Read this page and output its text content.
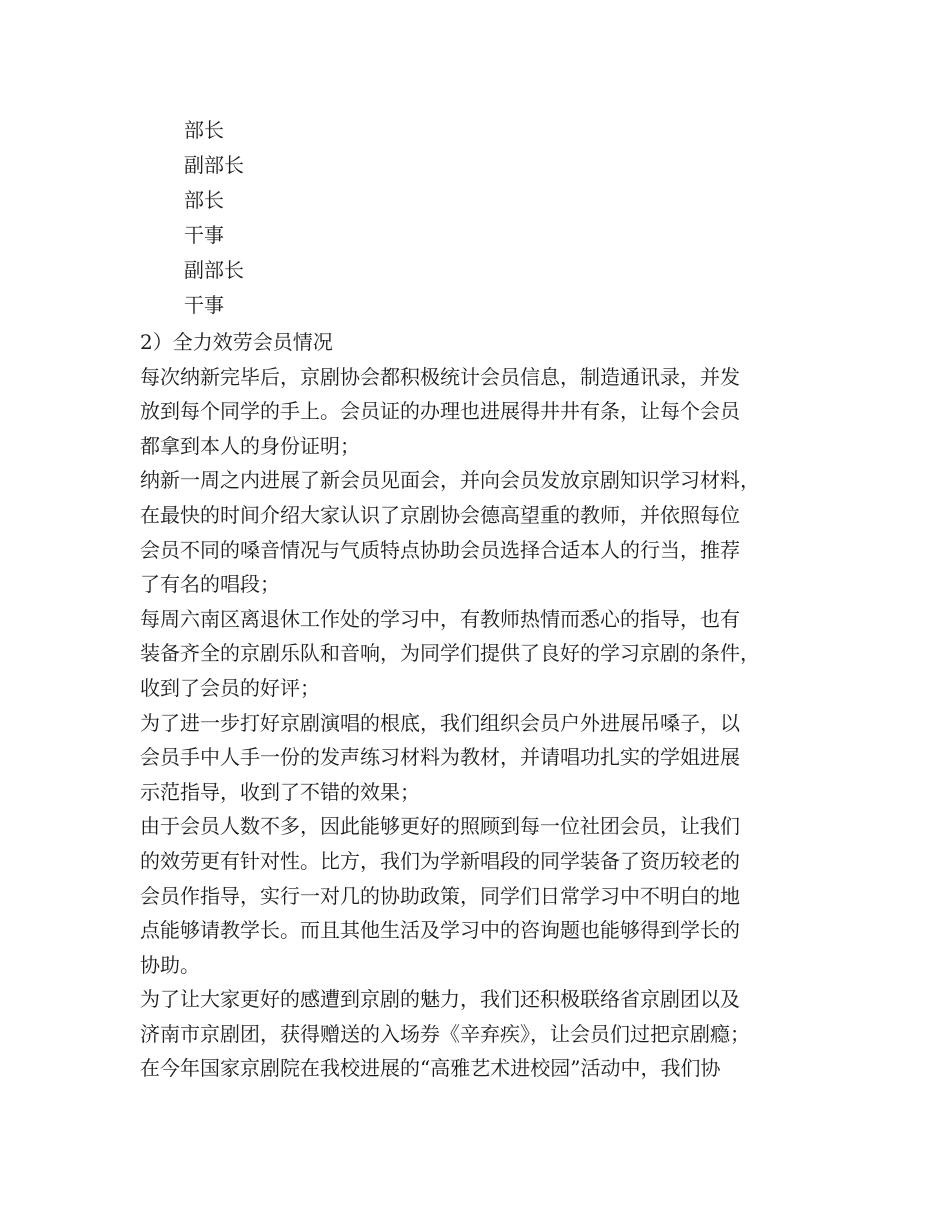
部长
副部长
部长
干事
副部长
干事
2）全力效劳会员情况
每次纳新完毕后，京剧协会都积极统计会员信息，制造通讯录，并发
放到每个同学的手上。会员证的办理也进展得井井有条，让每个会员
都拿到本人的身份证明；
纳新一周之内进展了新会员见面会，并向会员发放京剧知识学习材料，
在最快的时间介绍大家认识了京剧协会德高望重的教师，并依照每位
会员不同的嗓音情况与气质特点协助会员选择合适本人的行当，推荐
了有名的唱段；
每周六南区离退休工作处的学习中，有教师热情而悉心的指导，也有
装备齐全的京剧乐队和音响，为同学们提供了良好的学习京剧的条件，
收到了会员的好评；
为了进一步打好京剧演唱的根底，我们组织会员户外进展吊嗓子，以
会员手中人手一份的发声练习材料为教材，并请唱功扎实的学姐进展
示范指导，收到了不错的效果；
由于会员人数不多，因此能够更好的照顾到每一位社团会员，让我们
的效劳更有针对性。比方，我们为学新唱段的同学装备了资历较老的
会员作指导，实行一对几的协助政策，同学们日常学习中不明白的地
点能够请教学长。而且其他生活及学习中的咨询题也能够得到学长的
协助。
为了让大家更好的感遭到京剧的魅力，我们还积极联络省京剧团以及
济南市京剧团，获得赠送的入场券《辛弃疾》，让会员们过把京剧瘾；
在今年国家京剧院在我校进展的“高雅艺术进校园”活动中，我们协
